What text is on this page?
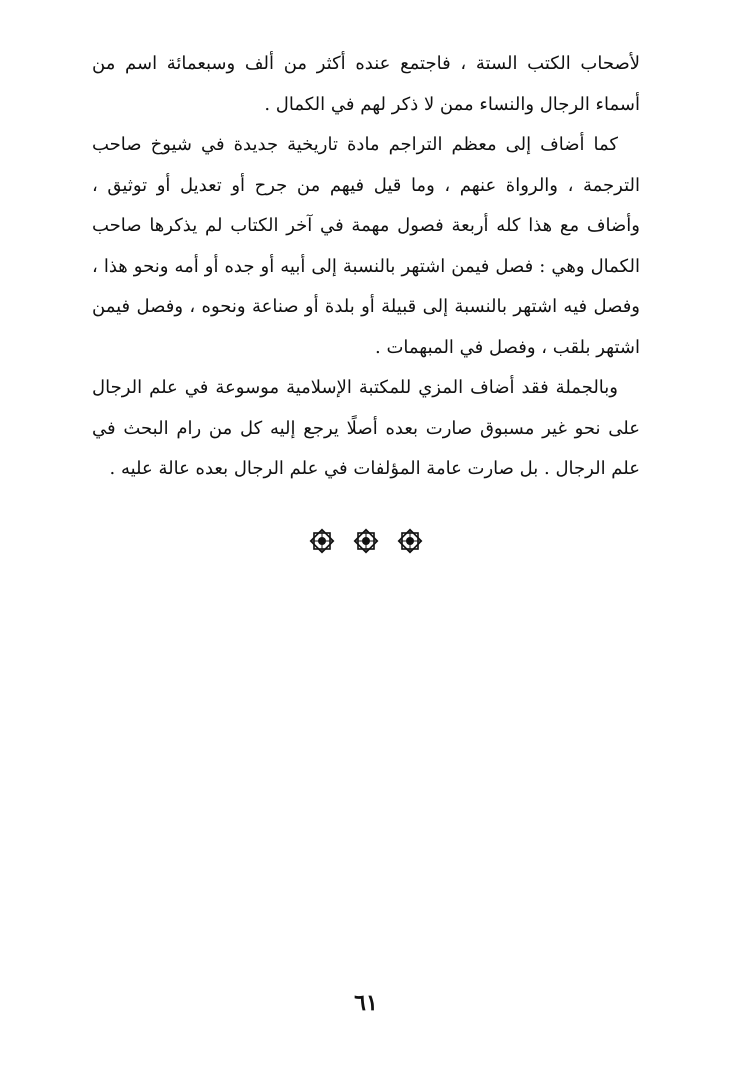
لأصحاب الكتب الستة ، فاجتمع عنده أكثر من ألف وسبعمائة اسم من أسماء الرجال والنساء ممن لا ذكر لهم في الكمال .

كما أضاف إلى معظم التراجم مادة تاريخية جديدة في شيوخ صاحب الترجمة ، والرواة عنهم ، وما قيل فيهم من جرح أو تعديل أو توثيق ، وأضاف مع هذا كله أربعة فصول مهمة في آخر الكتاب لم يذكرها صاحب الكمال وهي : فصل فيمن اشتهر بالنسبة إلى أبيه أو جده أو أمه ونحو هذا ، وفصل فيه اشتهر بالنسبة إلى قبيلة أو بلدة أو صناعة ونحوه ، وفصل فيمن اشتهر بلقب ، وفصل في المبهمات .

وبالجملة فقد أضاف المزي للمكتبة الإسلامية موسوعة في علم الرجال على نحو غير مسبوق صارت بعده أصلًا يرجع إليه كل من رام البحث في علم الرجال . بل صارت عامة المؤلفات في علم الرجال بعده عالة عليه .

٦١
